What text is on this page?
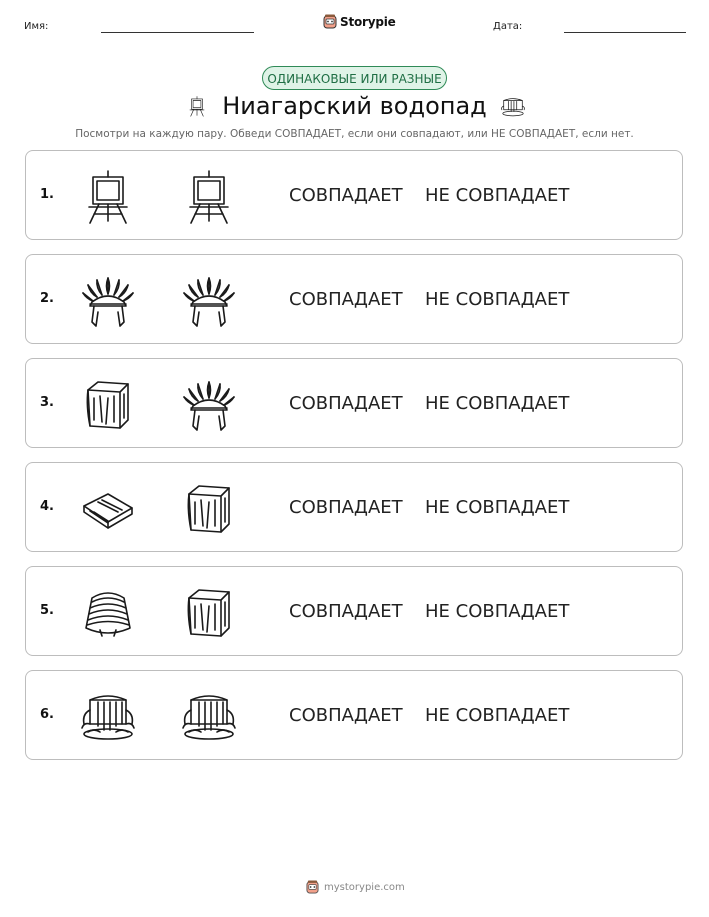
Имя:	Storypie	Дата:
ОДИНАКОВЫЕ ИЛИ РАЗНЫЕ
Ниагарский водопад
Посмотри на каждую пару. Обведи СОВПАДАЕТ, если они совпадают, или НЕ СОВПАДАЕТ, если нет.
1.	СОВПАДАЕТ НЕ СОВПАДАЕТ
2.	СОВПАДАЕТ НЕ СОВПАДАЕТ
3.	СОВПАДАЕТ НЕ СОВПАДАЕТ
4.	СОВПАДАЕТ НЕ СОВПАДАЕТ
5.	СОВПАДАЕТ НЕ СОВПАДАЕТ
6.	СОВПАДАЕТ НЕ СОВПАДАЕТ
mystorypie.com
